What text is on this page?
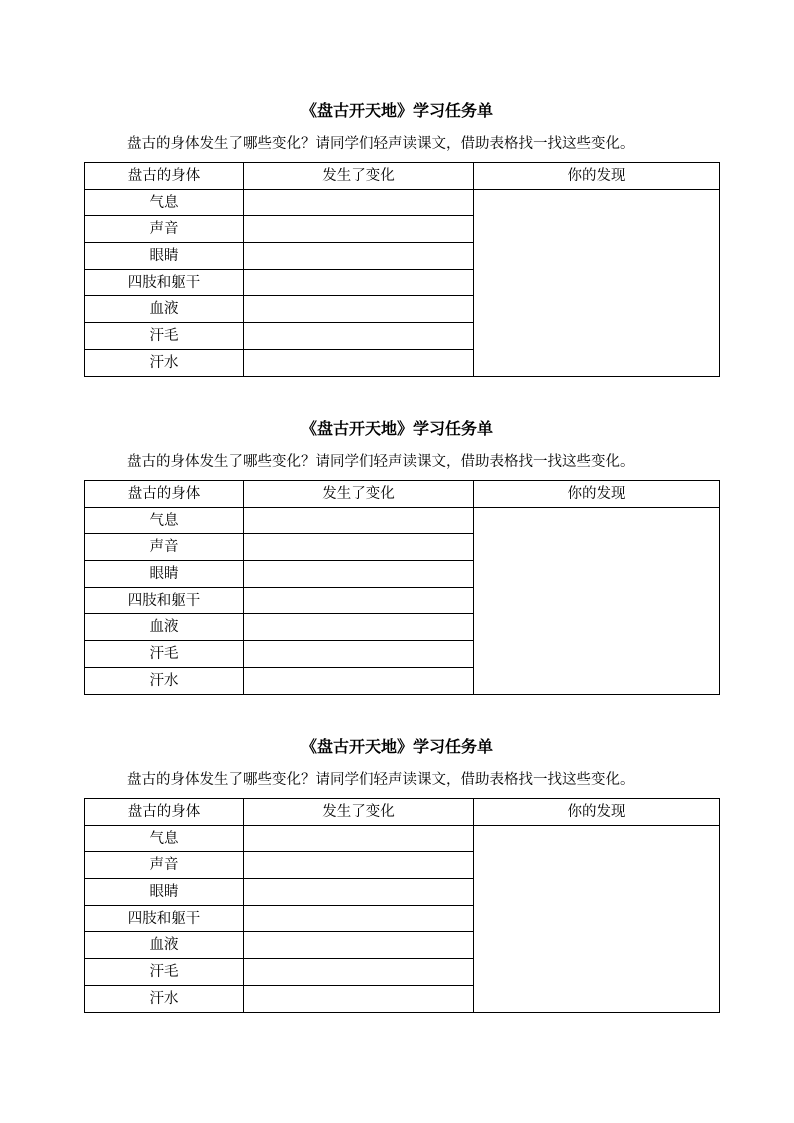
《盘古开天地》学习任务单

盘古的身体发生了哪些变化？请同学们轻声读课文，借助表格找一找这些变化。

盘古的身体	发生了变化	你的发现
气息		
声音		
眼睛		
四肢和躯干		
血液		
汗毛		
汗水		
《盘古开天地》学习任务单

盘古的身体发生了哪些变化？请同学们轻声读课文，借助表格找一找这些变化。

盘古的身体	发生了变化	你的发现
气息		
声音		
眼睛		
四肢和躯干		
血液		
汗毛		
汗水		
《盘古开天地》学习任务单

盘古的身体发生了哪些变化？请同学们轻声读课文，借助表格找一找这些变化。

盘古的身体	发生了变化	你的发现
气息		
声音		
眼睛		
四肢和躯干		
血液		
汗毛		
汗水		
